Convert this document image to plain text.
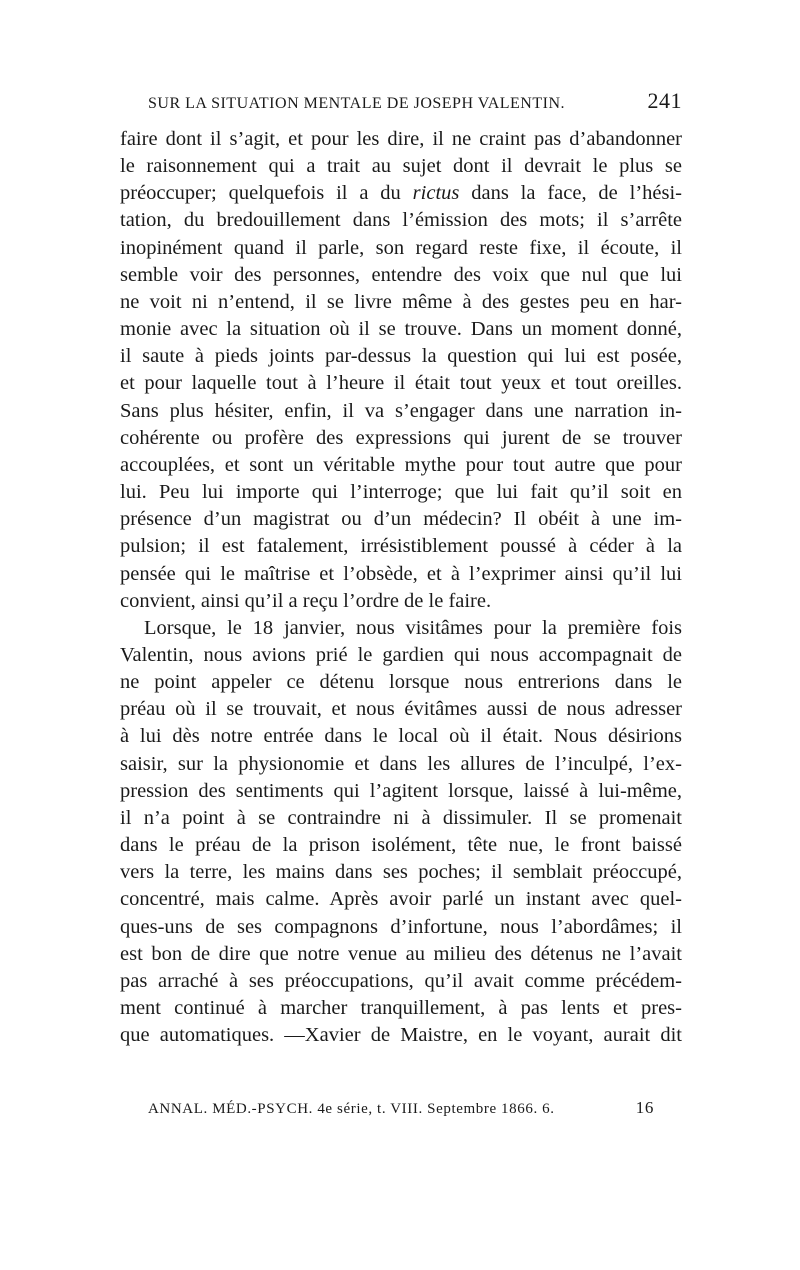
SUR LA SITUATION MENTALE DE JOSEPH VALENTIN.	241

faire dont il s’agit, et pour les dire, il ne craint pas d’abandonner
le raisonnement qui a trait au sujet dont il devrait le plus se
préoccuper; quelquefois il a du rictus dans la face, de l’hési-
tation, du bredouillement dans l’émission des mots; il s’arrête
inopinément quand il parle, son regard reste fixe, il écoute, il
semble voir des personnes, entendre des voix que nul que lui
ne voit ni n’entend, il se livre même à des gestes peu en har-
monie avec la situation où il se trouve. Dans un moment donné,
il saute à pieds joints par-dessus la question qui lui est posée,
et pour laquelle tout à l’heure il était tout yeux et tout oreilles.
Sans plus hésiter, enfin, il va s’engager dans une narration in-
cohérente ou profère des expressions qui jurent de se trouver
accouplées, et sont un véritable mythe pour tout autre que pour
lui. Peu lui importe qui l’interroge; que lui fait qu’il soit en
présence d’un magistrat ou d’un médecin? Il obéit à une im-
pulsion; il est fatalement, irrésistiblement poussé à céder à la
pensée qui le maîtrise et l’obsède, et à l’exprimer ainsi qu’il lui
convient, ainsi qu’il a reçu l’ordre de le faire.

Lorsque, le 18 janvier, nous visitâmes pour la première fois
Valentin, nous avions prié le gardien qui nous accompagnait de
ne point appeler ce détenu lorsque nous entrerions dans le
préau où il se trouvait, et nous évitâmes aussi de nous adresser
à lui dès notre entrée dans le local où il était. Nous désirions
saisir, sur la physionomie et dans les allures de l’inculpé, l’ex-
pression des sentiments qui l’agitent lorsque, laissé à lui-même,
il n’a point à se contraindre ni à dissimuler. Il se promenait
dans le préau de la prison isolément, tête nue, le front baissé
vers la terre, les mains dans ses poches; il semblait préoccupé,
concentré, mais calme. Après avoir parlé un instant avec quel-
ques-uns de ses compagnons d’infortune, nous l’abordâmes; il
est bon de dire que notre venue au milieu des détenus ne l’avait
pas arraché à ses préoccupations, qu’il avait comme précédem-
ment continué à marcher tranquillement, à pas lents et pres-
que automatiques. —Xavier de Maistre, en le voyant, aurait dit

ANNAL. MÉD.-PSYCH. 4e série, t. VIII. Septembre 1866. 6.	16
